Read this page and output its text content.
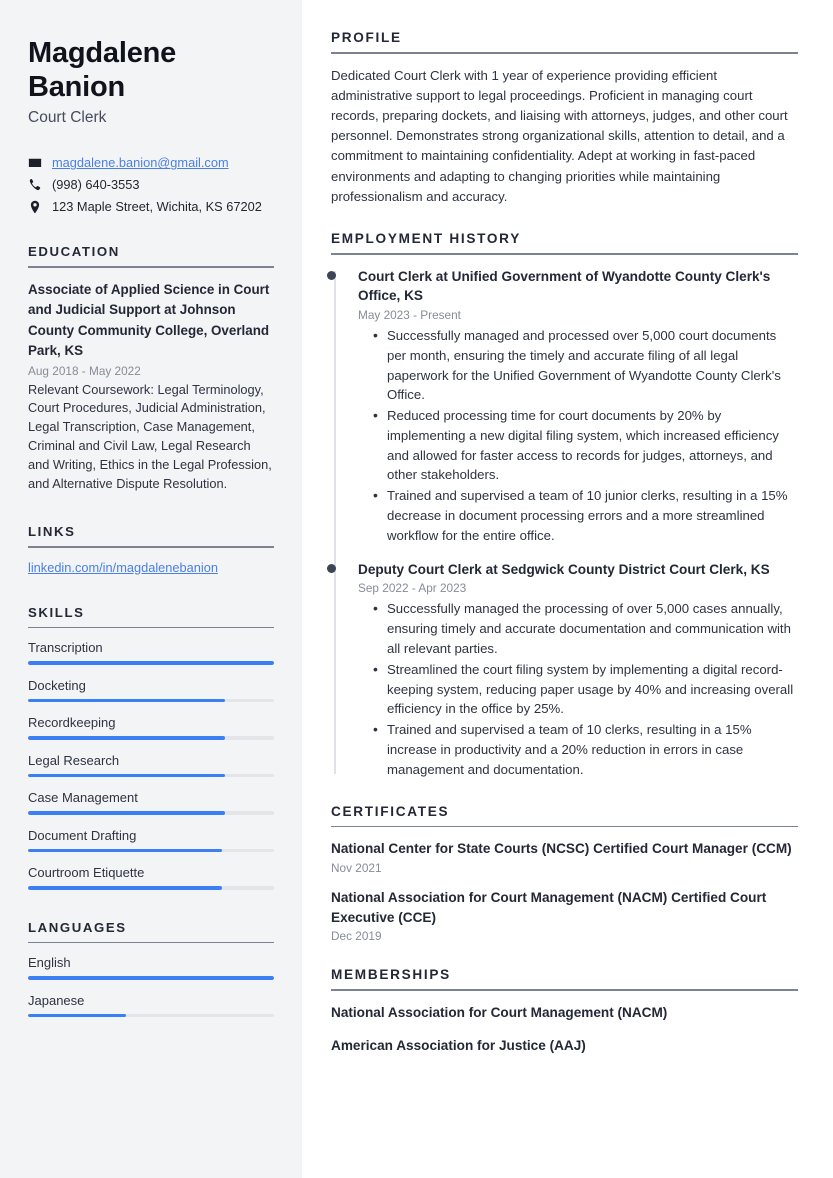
Magdalene
Banion
Court Clerk
magdalene.banion@gmail.com
(998) 640-3553
123 Maple Street, Wichita, KS 67202
EDUCATION
Associate of Applied Science in Court and Judicial Support at Johnson County Community College, Overland Park, KS
Aug 2018 - May 2022
Relevant Coursework: Legal Terminology, Court Procedures, Judicial Administration, Legal Transcription, Case Management, Criminal and Civil Law, Legal Research and Writing, Ethics in the Legal Profession, and Alternative Dispute Resolution.
LINKS
linkedin.com/in/magdalenebanion
SKILLS
Transcription
Docketing
Recordkeeping
Legal Research
Case Management
Document Drafting
Courtroom Etiquette
LANGUAGES
English
Japanese
PROFILE

Dedicated Court Clerk with 1 year of experience providing efficient administrative support to legal proceedings. Proficient in managing court records, preparing dockets, and liaising with attorneys, judges, and other court personnel. Demonstrates strong organizational skills, attention to detail, and a commitment to maintaining confidentiality. Adept at working in fast-paced environments and adapting to changing priorities while maintaining professionalism and accuracy.

EMPLOYMENT HISTORY
Court Clerk at Unified Government of Wyandotte County Clerk's Office, KS
May 2023 - Present
• Successfully managed and processed over 5,000 court documents per month, ensuring the timely and accurate filing of all legal paperwork for the Unified Government of Wyandotte County Clerk's Office.
• Reduced processing time for court documents by 20% by implementing a new digital filing system, which increased efficiency and allowed for faster access to records for judges, attorneys, and other stakeholders.
• Trained and supervised a team of 10 junior clerks, resulting in a 15% decrease in document processing errors and a more streamlined workflow for the entire office.
Deputy Court Clerk at Sedgwick County District Court Clerk, KS
Sep 2022 - Apr 2023
• Successfully managed the processing of over 5,000 cases annually, ensuring timely and accurate documentation and communication with all relevant parties.
• Streamlined the court filing system by implementing a digital record-keeping system, reducing paper usage by 40% and increasing overall efficiency in the office by 25%.
• Trained and supervised a team of 10 clerks, resulting in a 15% increase in productivity and a 20% reduction in errors in case management and documentation.
CERTIFICATES
National Center for State Courts (NCSC) Certified Court Manager (CCM)
Nov 2021
National Association for Court Management (NACM) Certified Court Executive (CCE)
Dec 2019
MEMBERSHIPS
National Association for Court Management (NACM)
American Association for Justice (AAJ)
